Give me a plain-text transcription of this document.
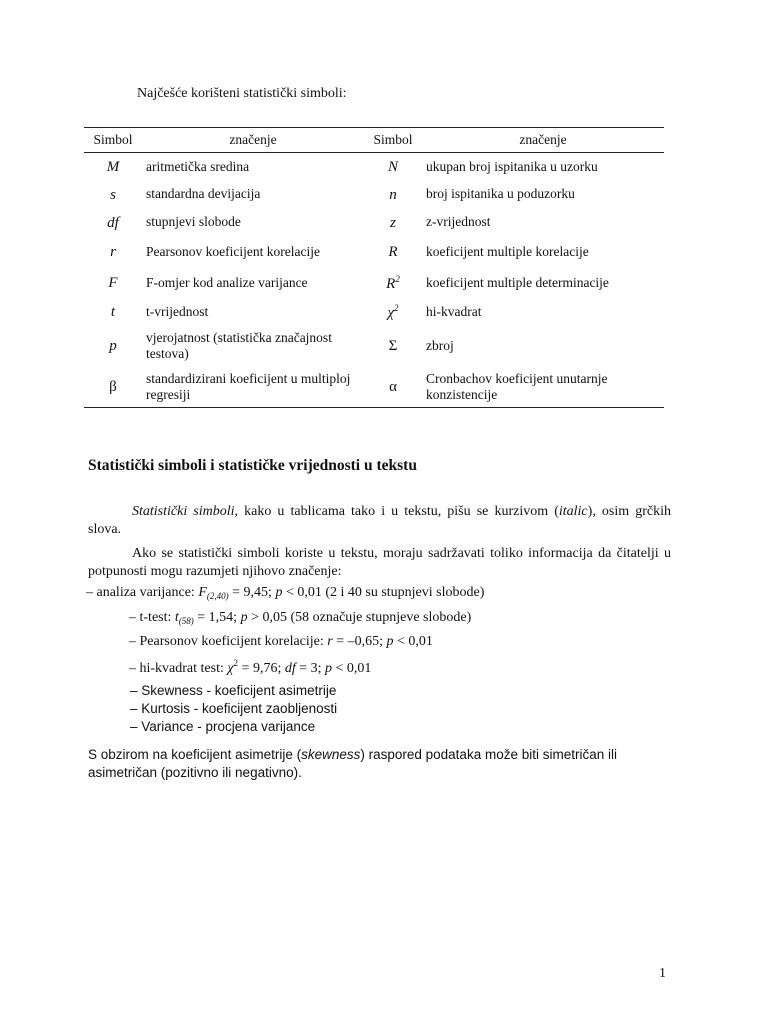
Najčešće korišteni statistički simboli:
Simbol	značenje	Simbol	značenje
M	aritmetička sredina	N	ukupan broj ispitanika u uzorku
s	standardna devijacija	n	broj ispitanika u poduzorku
df	stupnjevi slobode	z	z-vrijednost
r	Pearsonov koeficijent korelacije	R	koeficijent multiple korelacije
F	F-omjer kod analize varijance	$R^2$	koeficijent multiple determinacije
t	t-vrijednost	$\chi^2$	hi-kvadrat
p	vjerojatnost (statistička značajnost testova)	Σ	zbroj
β	standardizirani koeficijent u multiploj regresiji	α	Cronbachov koeficijent unutarnje konzistencije
Statistički simboli i statističke vrijednosti u tekstu

Statistički simboli, kako u tablicama tako i u tekstu, pišu se kurzivom (italic), osim grčkih slova.

Ako se statistički simboli koriste u tekstu, moraju sadržavati toliko informacija da čitatelji u potpunosti mogu razumjeti njihovo značenje:

– analiza varijance: $F_{(2,40)} = 9,45$; p < 0,01 (2 i 40 su stupnjevi slobode)
– t-test: $t_{(58)} = 1,54$; p > 0,05 (58 označuje stupnjeve slobode)
– Pearsonov koeficijent korelacije: r = –0,65; p < 0,01
– hi-kvadrat test: $\chi^2 = 9,76$; df = 3; p < 0,01
– Skewness - koeficijent asimetrije
– Kurtosis - koeficijent zaobljenosti
– Variance - procjena varijance

S obzirom na koeficijent asimetrije (skewness) raspored podataka može biti simetričan ili asimetričan (pozitivno ili negativno).

1
